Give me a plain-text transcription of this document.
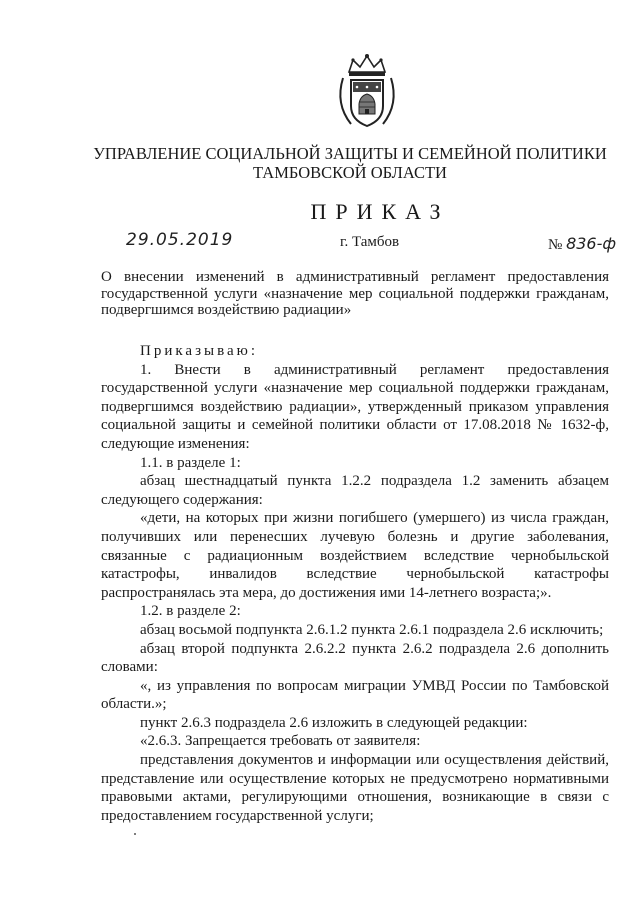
УПРАВЛЕНИЕ СОЦИАЛЬНОЙ ЗАЩИТЫ И СЕМЕЙНОЙ ПОЛИТИКИ
ТАМБОВСКОЙ ОБЛАСТИ
ПРИКАЗ
29.05.2019	г. Тамбов	№ 836-ф
О внесении изменений в административный регламент предоставления государственной услуги «назначение мер социальной поддержки гражданам, подвергшимся воздействию радиации»

Приказываю:

1. Внести в административный регламент предоставления государственной услуги «назначение мер социальной поддержки гражданам, подвергшимся воздействию радиации», утвержденный приказом управления социальной защиты и семейной политики области от 17.08.2018 № 1632-ф, следующие изменения:

1.1. в разделе 1:

абзац шестнадцатый пункта 1.2.2 подраздела 1.2 заменить абзацем следующего содержания:

«дети, на которых при жизни погибшего (умершего) из числа граждан, получивших или перенесших лучевую болезнь и другие заболевания, связанные с радиационным воздействием вследствие чернобыльской катастрофы, инвалидов вследствие чернобыльской катастрофы распространялась эта мера, до достижения ими 14-летнего возраста;».

1.2. в разделе 2:

абзац восьмой подпункта 2.6.1.2 пункта 2.6.1 подраздела 2.6 исключить;

абзац второй подпункта 2.6.2.2 пункта 2.6.2 подраздела 2.6 дополнить словами:

«, из управления по вопросам миграции УМВД России по Тамбовской области.»;

пункт 2.6.3 подраздела 2.6 изложить в следующей редакции:

«2.6.3. Запрещается требовать от заявителя:

представления документов и информации или осуществления действий, представление или осуществление которых не предусмотрено нормативными правовыми актами, регулирующими отношения, возникающие в связи с предоставлением государственной услуги;
